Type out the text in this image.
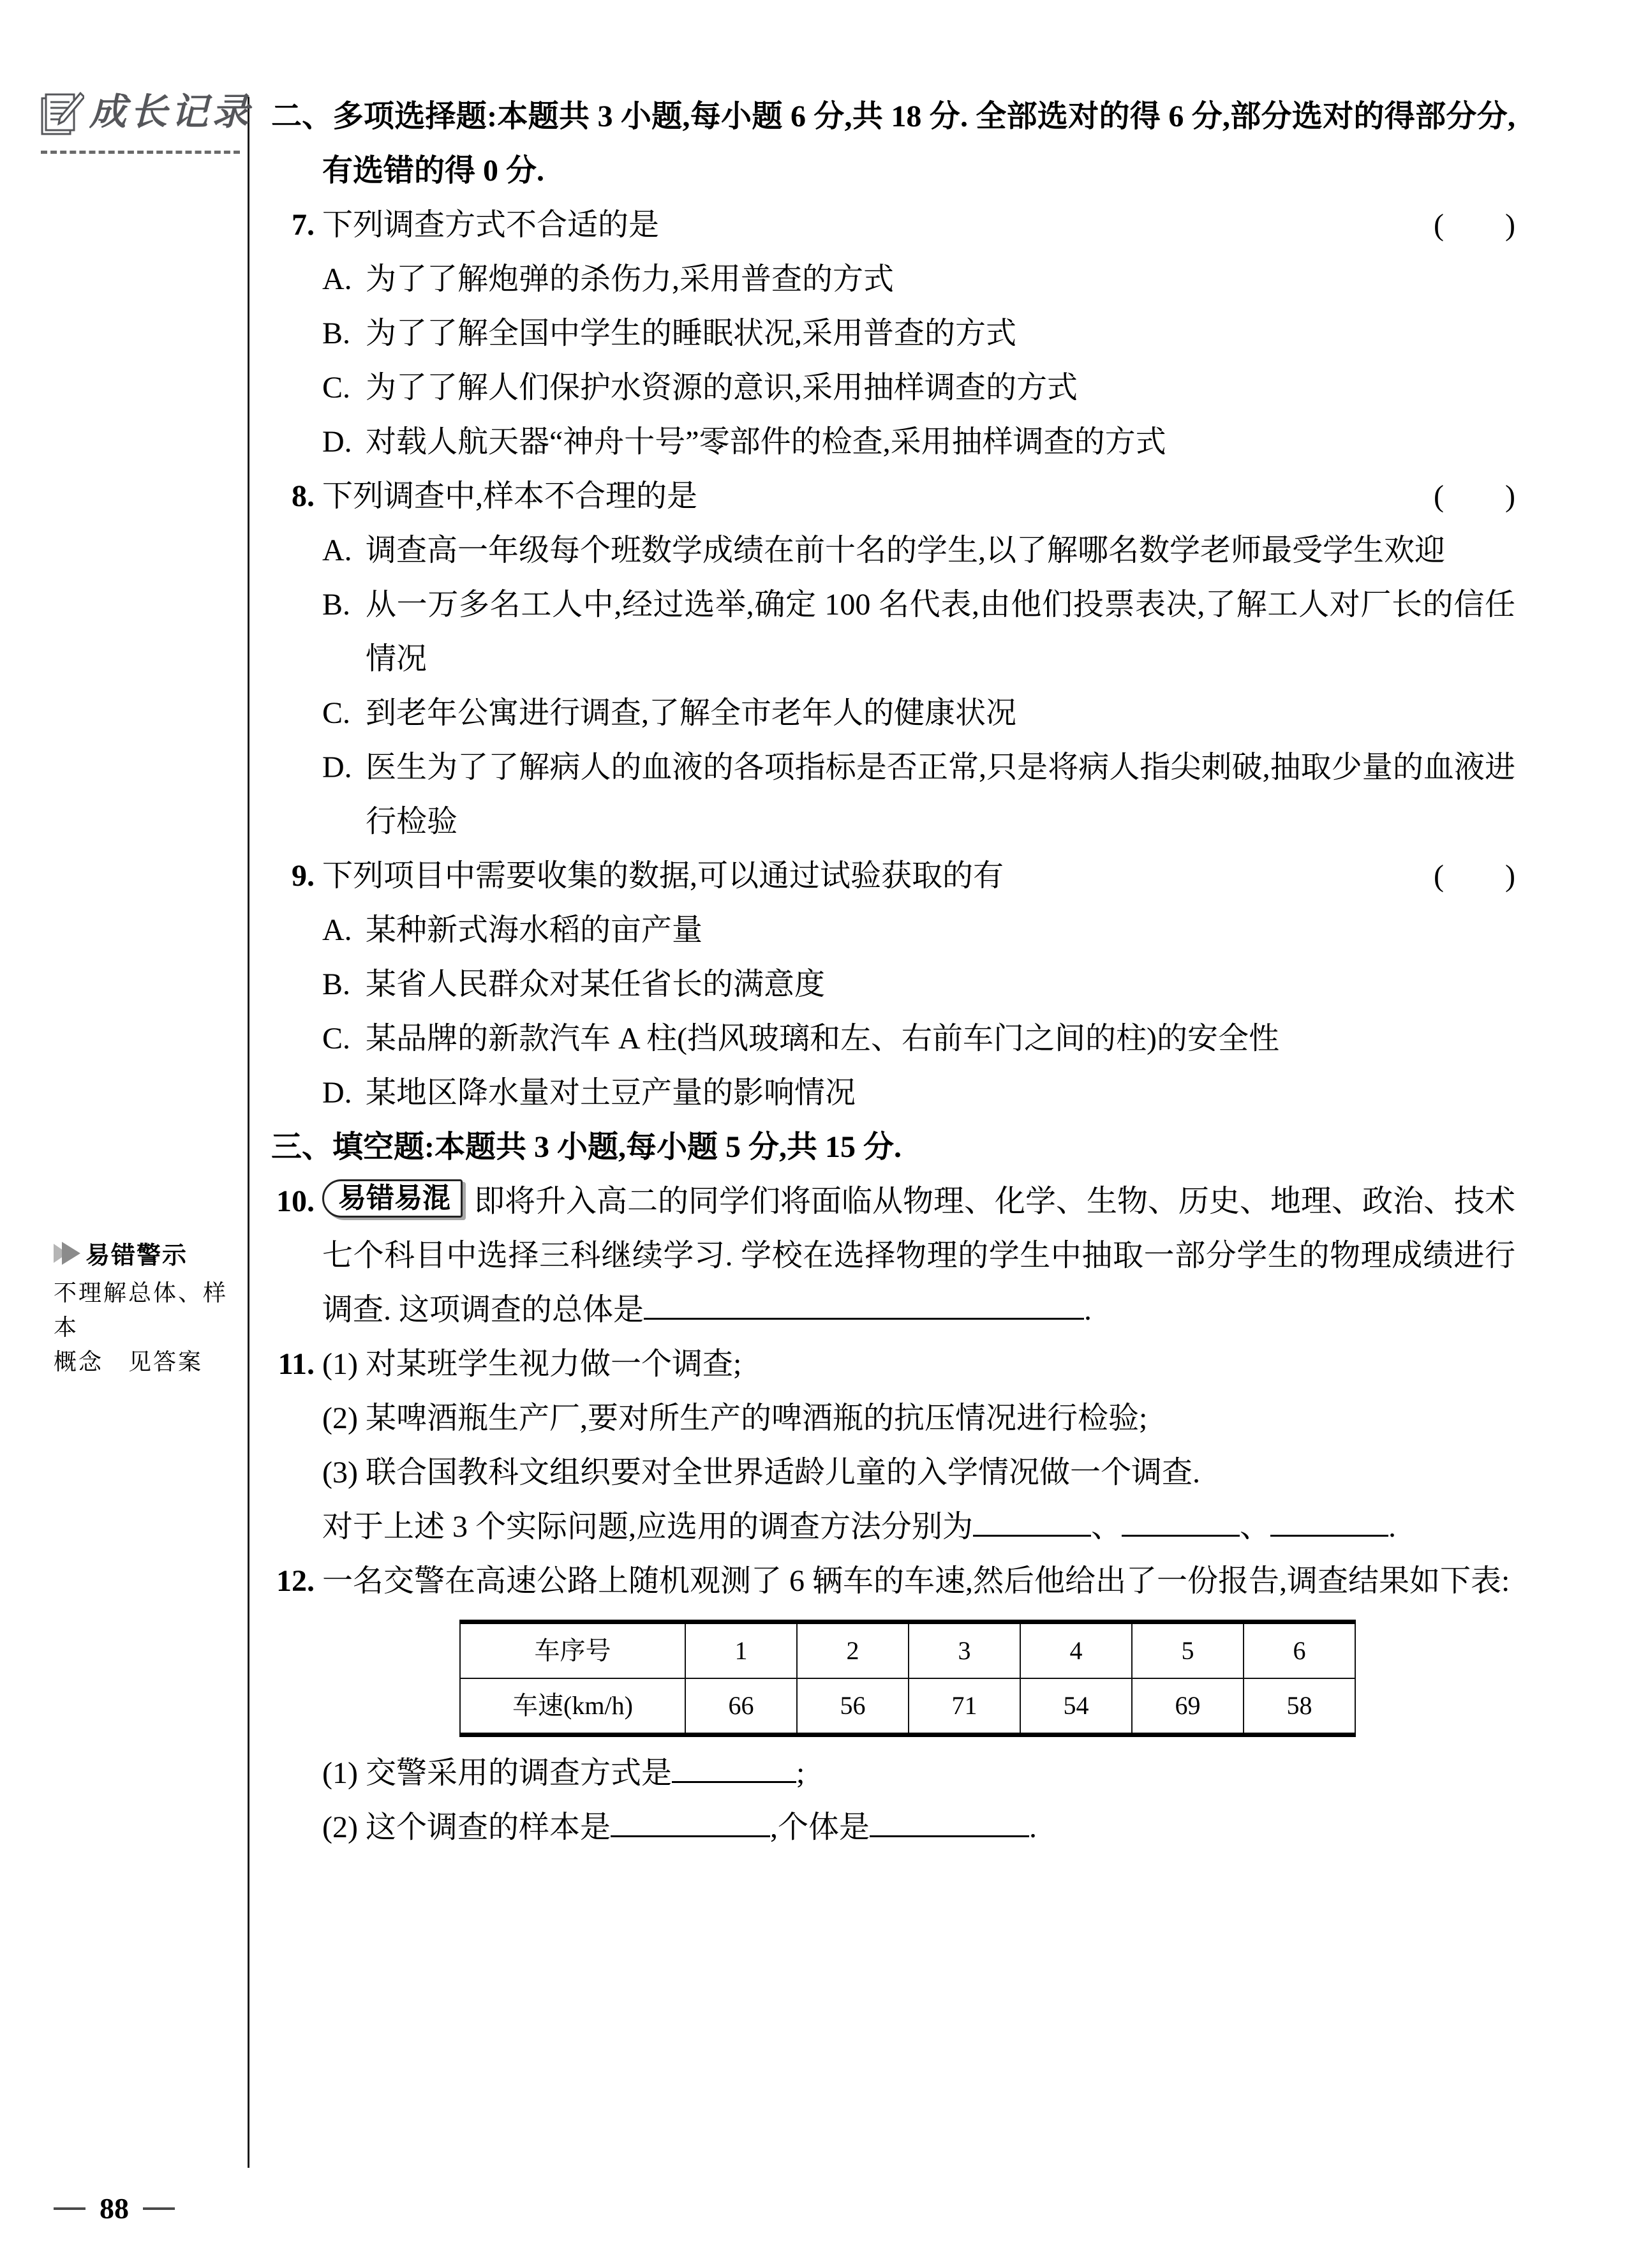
成长记录
易错警示
不理解总体、样本
概念　见答案
88
二、多项选择题:本题共 3 小题,每小题 6 分,共 18 分. 全部选对的得 6 分,部分选对的得部分分,有选错的得 0 分.
7.	(　　)
下列调查方式不合适的是
A. 为了了解炮弹的杀伤力,采用普查的方式
B. 为了了解全国中学生的睡眠状况,采用普查的方式
C. 为了了解人们保护水资源的意识,采用抽样调查的方式
D. 对载人航天器“神舟十号”零部件的检查,采用抽样调查的方式
8.	(　　)
下列调查中,样本不合理的是
A. 调查高一年级每个班数学成绩在前十名的学生,以了解哪名数学老师最受学生欢迎
B. 从一万多名工人中,经过选举,确定 100 名代表,由他们投票表决,了解工人对厂长的信任情况
C. 到老年公寓进行调查,了解全市老年人的健康状况
D. 医生为了了解病人的血液的各项指标是否正常,只是将病人指尖刺破,抽取少量的血液进行检验
9.	(　　)
下列项目中需要收集的数据,可以通过试验获取的有
A. 某种新式海水稻的亩产量
B. 某省人民群众对某任省长的满意度
C. 某品牌的新款汽车 A 柱(挡风玻璃和左、右前车门之间的柱)的安全性
D. 某地区降水量对土豆产量的影响情况
三、填空题:本题共 3 小题,每小题 5 分,共 15 分.
10. 易错易混 即将升入高二的同学们将面临从物理、化学、生物、历史、地理、政治、技术七个科目中选择三科继续学习. 学校在选择物理的学生中抽取一部分学生的物理成绩进行调查. 这项调查的总体是	.
11. (1) 对某班学生视力做一个调查;
(2) 某啤酒瓶生产厂,要对所生产的啤酒瓶的抗压情况进行检验;
(3) 联合国教科文组织要对全世界适龄儿童的入学情况做一个调查.
对于上述 3 个实际问题,应选用的调查方法分别为	、	、	.
12. 一名交警在高速公路上随机观测了 6 辆车的车速,然后他给出了一份报告,调查结果如下表:
车序号	1	2	3	4	5	6
车速(km/h)	66	56	71	54	69	58
(1) 交警采用的调查方式是	;
(2) 这个调查的样本是	,个体是	.
